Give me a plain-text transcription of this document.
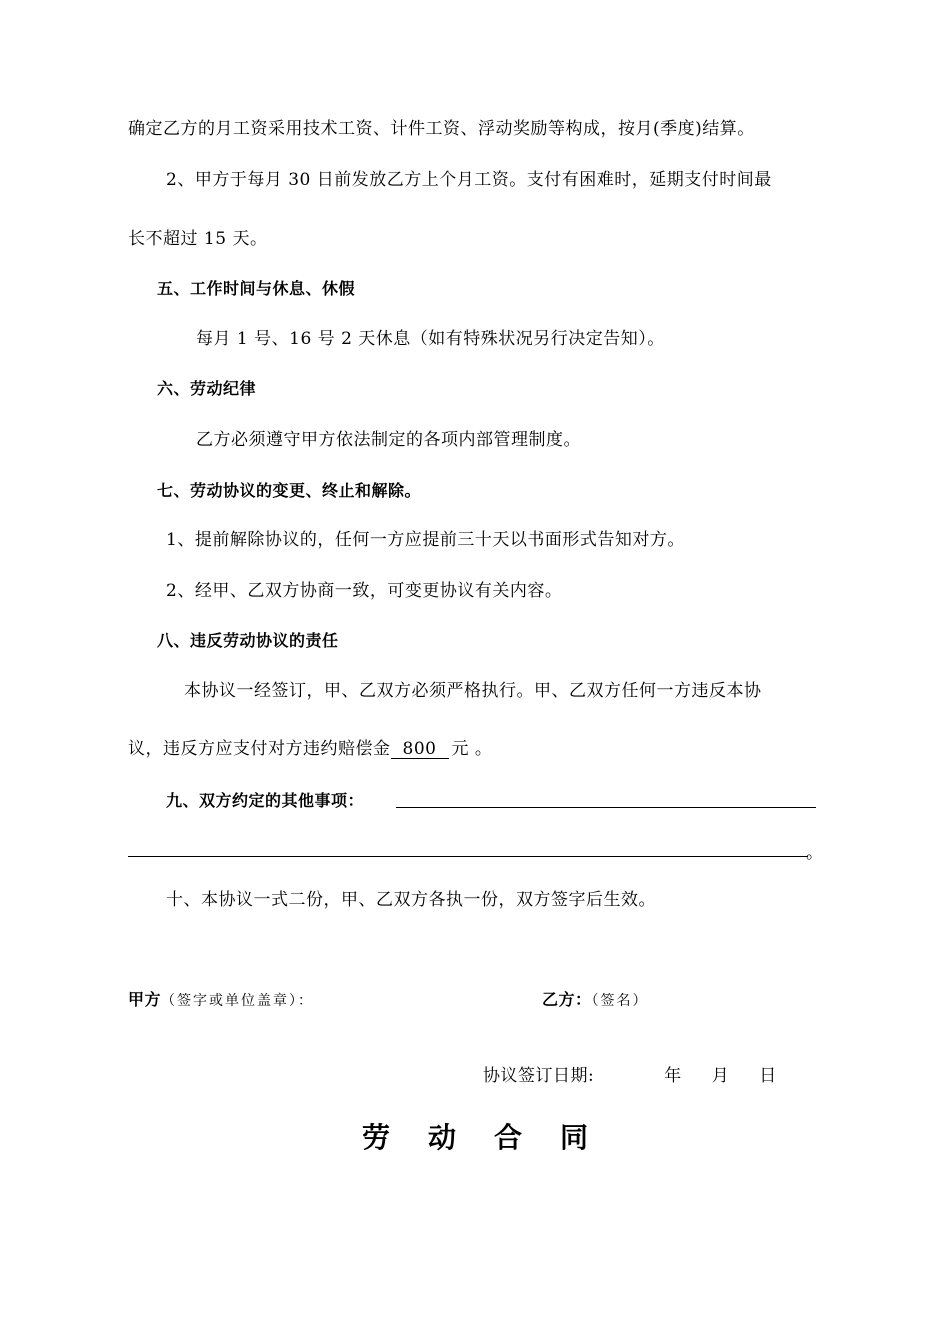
确定乙方的月工资采用技术工资、计件工资、浮动奖励等构成，按月(季度)结算。
2、甲方于每月 30 日前发放乙方上个月工资。支付有困难时，延期支付时间最
长不超过 15 天。
五、工作时间与休息、休假
每月 1 号、16 号 2 天休息（如有特殊状况另行决定告知）。
六、劳动纪律
乙方必须遵守甲方依法制定的各项内部管理制度。
七、劳动协议的变更、终止和解除。
1、提前解除协议的，任何一方应提前三十天以书面形式告知对方。
2、经甲、乙双方协商一致，可变更协议有关内容。
八、违反劳动协议的责任
本协议一经签订，甲、乙双方必须严格执行。甲、乙双方任何一方违反本协
议，违反方应支付对方违约赔偿金 800 元 。
九、双方约定的其他事项：
。
十、本协议一式二份，甲、乙双方各执一份，双方签字后生效。
甲方（签字或单位盖章）：	乙方：（签名）
协议签订日期:	年 月 日
劳动合同
